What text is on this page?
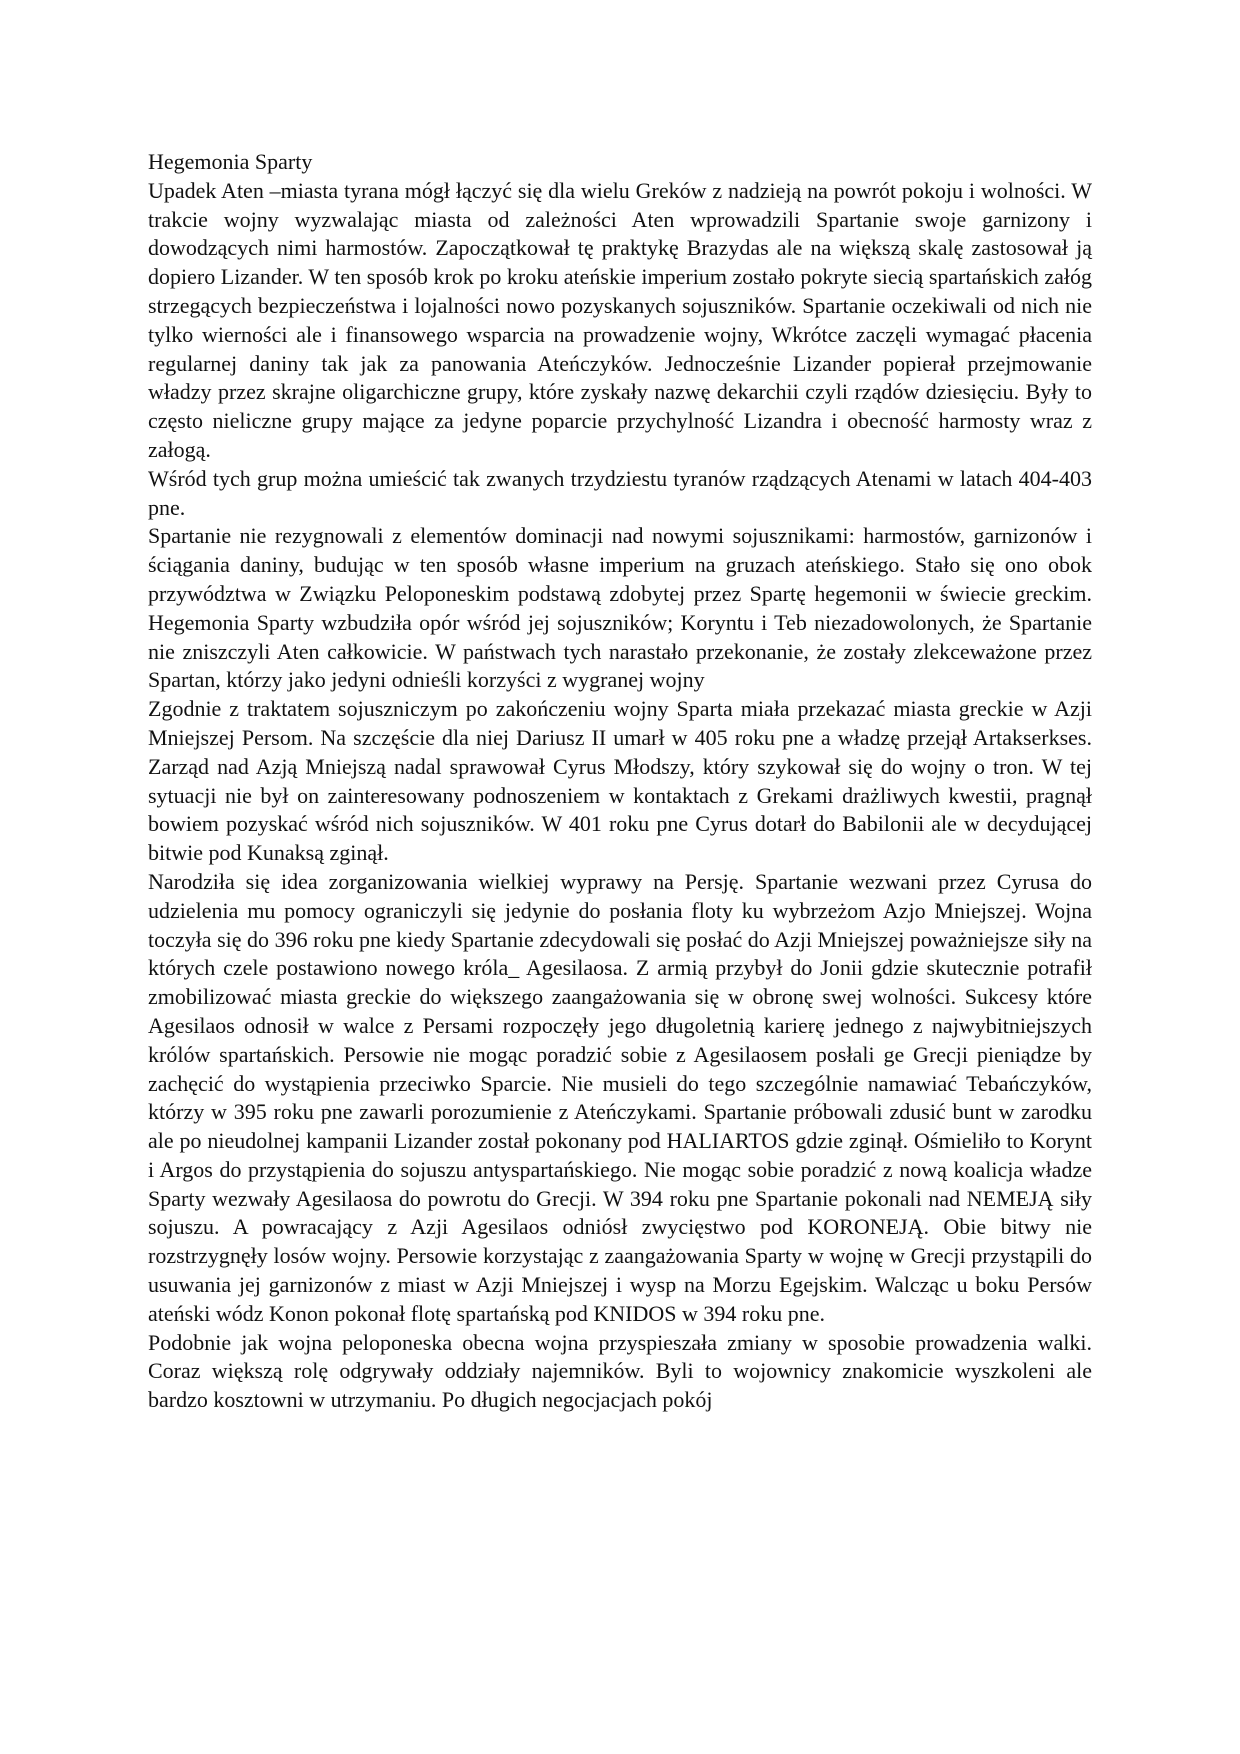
Hegemonia Sparty

Upadek Aten –miasta tyrana mógł łączyć się dla wielu Greków z nadzieją na powrót pokoju i wolności. W trakcie wojny wyzwalając miasta od zależności Aten wprowadzili Spartanie swoje garnizony i dowodzących nimi harmostów. Zapoczątkował tę praktykę Brazydas ale na większą skalę zastosował ją dopiero Lizander. W ten sposób krok po kroku ateńskie imperium zostało pokryte siecią spartańskich załóg strzegących bezpieczeństwa i lojalności nowo pozyskanych sojuszników. Spartanie oczekiwali od nich nie tylko wierności ale i finansowego wsparcia na prowadzenie wojny, Wkrótce zaczęli wymagać płacenia regularnej daniny tak jak za panowania Ateńczyków. Jednocześnie Lizander popierał przejmowanie władzy przez skrajne oligarchiczne grupy, które zyskały nazwę dekarchii czyli rządów dziesięciu. Były to często nieliczne grupy mające za jedyne poparcie przychylność Lizandra i obecność harmosty wraz z załogą.

Wśród tych grup można umieścić tak zwanych trzydziestu tyranów rządzących Atenami w latach 404-403 pne.

Spartanie nie rezygnowali z elementów dominacji nad nowymi sojusznikami: harmostów, garnizonów i ściągania daniny, budując w ten sposób własne imperium na gruzach ateńskiego. Stało się ono obok przywództwa w Związku Peloponeskim podstawą zdobytej przez Spartę hegemonii w świecie greckim. Hegemonia Sparty wzbudziła opór wśród jej sojuszników; Koryntu i Teb niezadowolonych, że Spartanie nie zniszczyli Aten całkowicie. W państwach tych narastało przekonanie, że zostały zlekceważone przez Spartan, którzy jako jedyni odnieśli korzyści z wygranej wojny

Zgodnie z traktatem sojuszniczym po zakończeniu wojny Sparta miała przekazać miasta greckie w Azji Mniejszej Persom. Na szczęście dla niej Dariusz II umarł w 405 roku pne a władzę przejął Artakserkses. Zarząd nad Azją Mniejszą nadal sprawował Cyrus Młodszy, który szykował się do wojny o tron. W tej sytuacji nie był on zainteresowany podnoszeniem w kontaktach z Grekami drażliwych kwestii, pragnął bowiem pozyskać wśród nich sojuszników. W 401 roku pne Cyrus dotarł do Babilonii ale w decydującej bitwie pod Kunaksą zginął.

Narodziła się idea zorganizowania wielkiej wyprawy na Persję. Spartanie wezwani przez Cyrusa do udzielenia mu pomocy ograniczyli się jedynie do posłania floty ku wybrzeżom Azjo Mniejszej. Wojna toczyła się do 396 roku pne kiedy Spartanie zdecydowali się posłać do Azji Mniejszej poważniejsze siły na których czele postawiono nowego króla_ Agesilaosa. Z armią przybył do Jonii gdzie skutecznie potrafił zmobilizować miasta greckie do większego zaangażowania się w obronę swej wolności. Sukcesy które Agesilaos odnosił w walce z Persami rozpoczęły jego długoletnią karierę jednego z najwybitniejszych królów spartańskich. Persowie nie mogąc poradzić sobie z Agesilaosem posłali ge Grecji pieniądze by zachęcić do wystąpienia przeciwko Sparcie. Nie musieli do tego szczególnie namawiać Tebańczyków, którzy w 395 roku pne zawarli porozumienie z Ateńczykami. Spartanie próbowali zdusić bunt w zarodku ale po nieudolnej kampanii Lizander został pokonany pod HALIARTOS gdzie zginął. Ośmieliło to Korynt i Argos do przystąpienia do sojuszu antyspartańskiego. Nie mogąc sobie poradzić z nową koalicja władze Sparty wezwały Agesilaosa do powrotu do Grecji. W 394 roku pne Spartanie pokonali nad NEMEJĄ siły sojuszu. A powracający z Azji Agesilaos odniósł zwycięstwo pod KORONEJĄ. Obie bitwy nie rozstrzygnęły losów wojny. Persowie korzystając z zaangażowania Sparty w wojnę w Grecji przystąpili do usuwania jej garnizonów z miast w Azji Mniejszej i wysp na Morzu Egejskim. Walcząc u boku Persów ateński wódz Konon pokonał flotę spartańską pod KNIDOS w 394 roku pne.

Podobnie jak wojna peloponeska obecna wojna przyspieszała zmiany w sposobie prowadzenia walki. Coraz większą rolę odgrywały oddziały najemników. Byli to wojownicy znakomicie wyszkoleni ale bardzo kosztowni w utrzymaniu. Po długich negocjacjach pokój
